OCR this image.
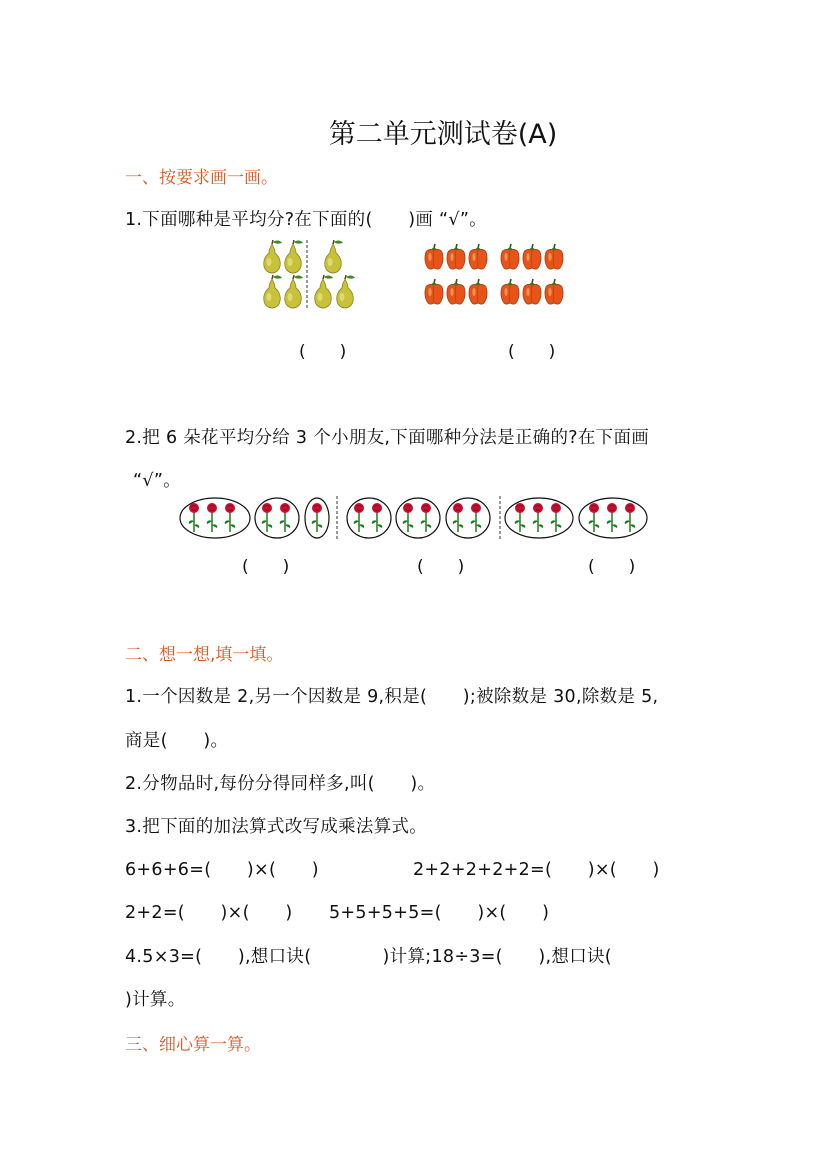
第二单元测试卷(A)
一、按要求画一画。
1.下面哪种是平均分?在下面的(　　)画 “√”。
(　　)	(　　)
2.把 6 朵花平均分给 3 个小朋友,下面哪种分法是正确的?在下面画
“√”。
(　　)	(　　)	(　　)
二、想一想,填一填。
1.一个因数是 2,另一个因数是 9,积是(　　);被除数是 30,除数是 5,
商是(　　)。
2.分物品时,每份分得同样多,叫(　　)。
3.把下面的加法算式改写成乘法算式。
6+6+6=(　　)×(　　)	2+2+2+2+2=(　　)×(　　)
2+2=(　　)×(　　) 5+5+5+5=(　　)×(　　)
4.5×3=(　　),想口诀(　　　　)计算;18÷3=(　　),想口诀(
)计算。
三、细心算一算。
